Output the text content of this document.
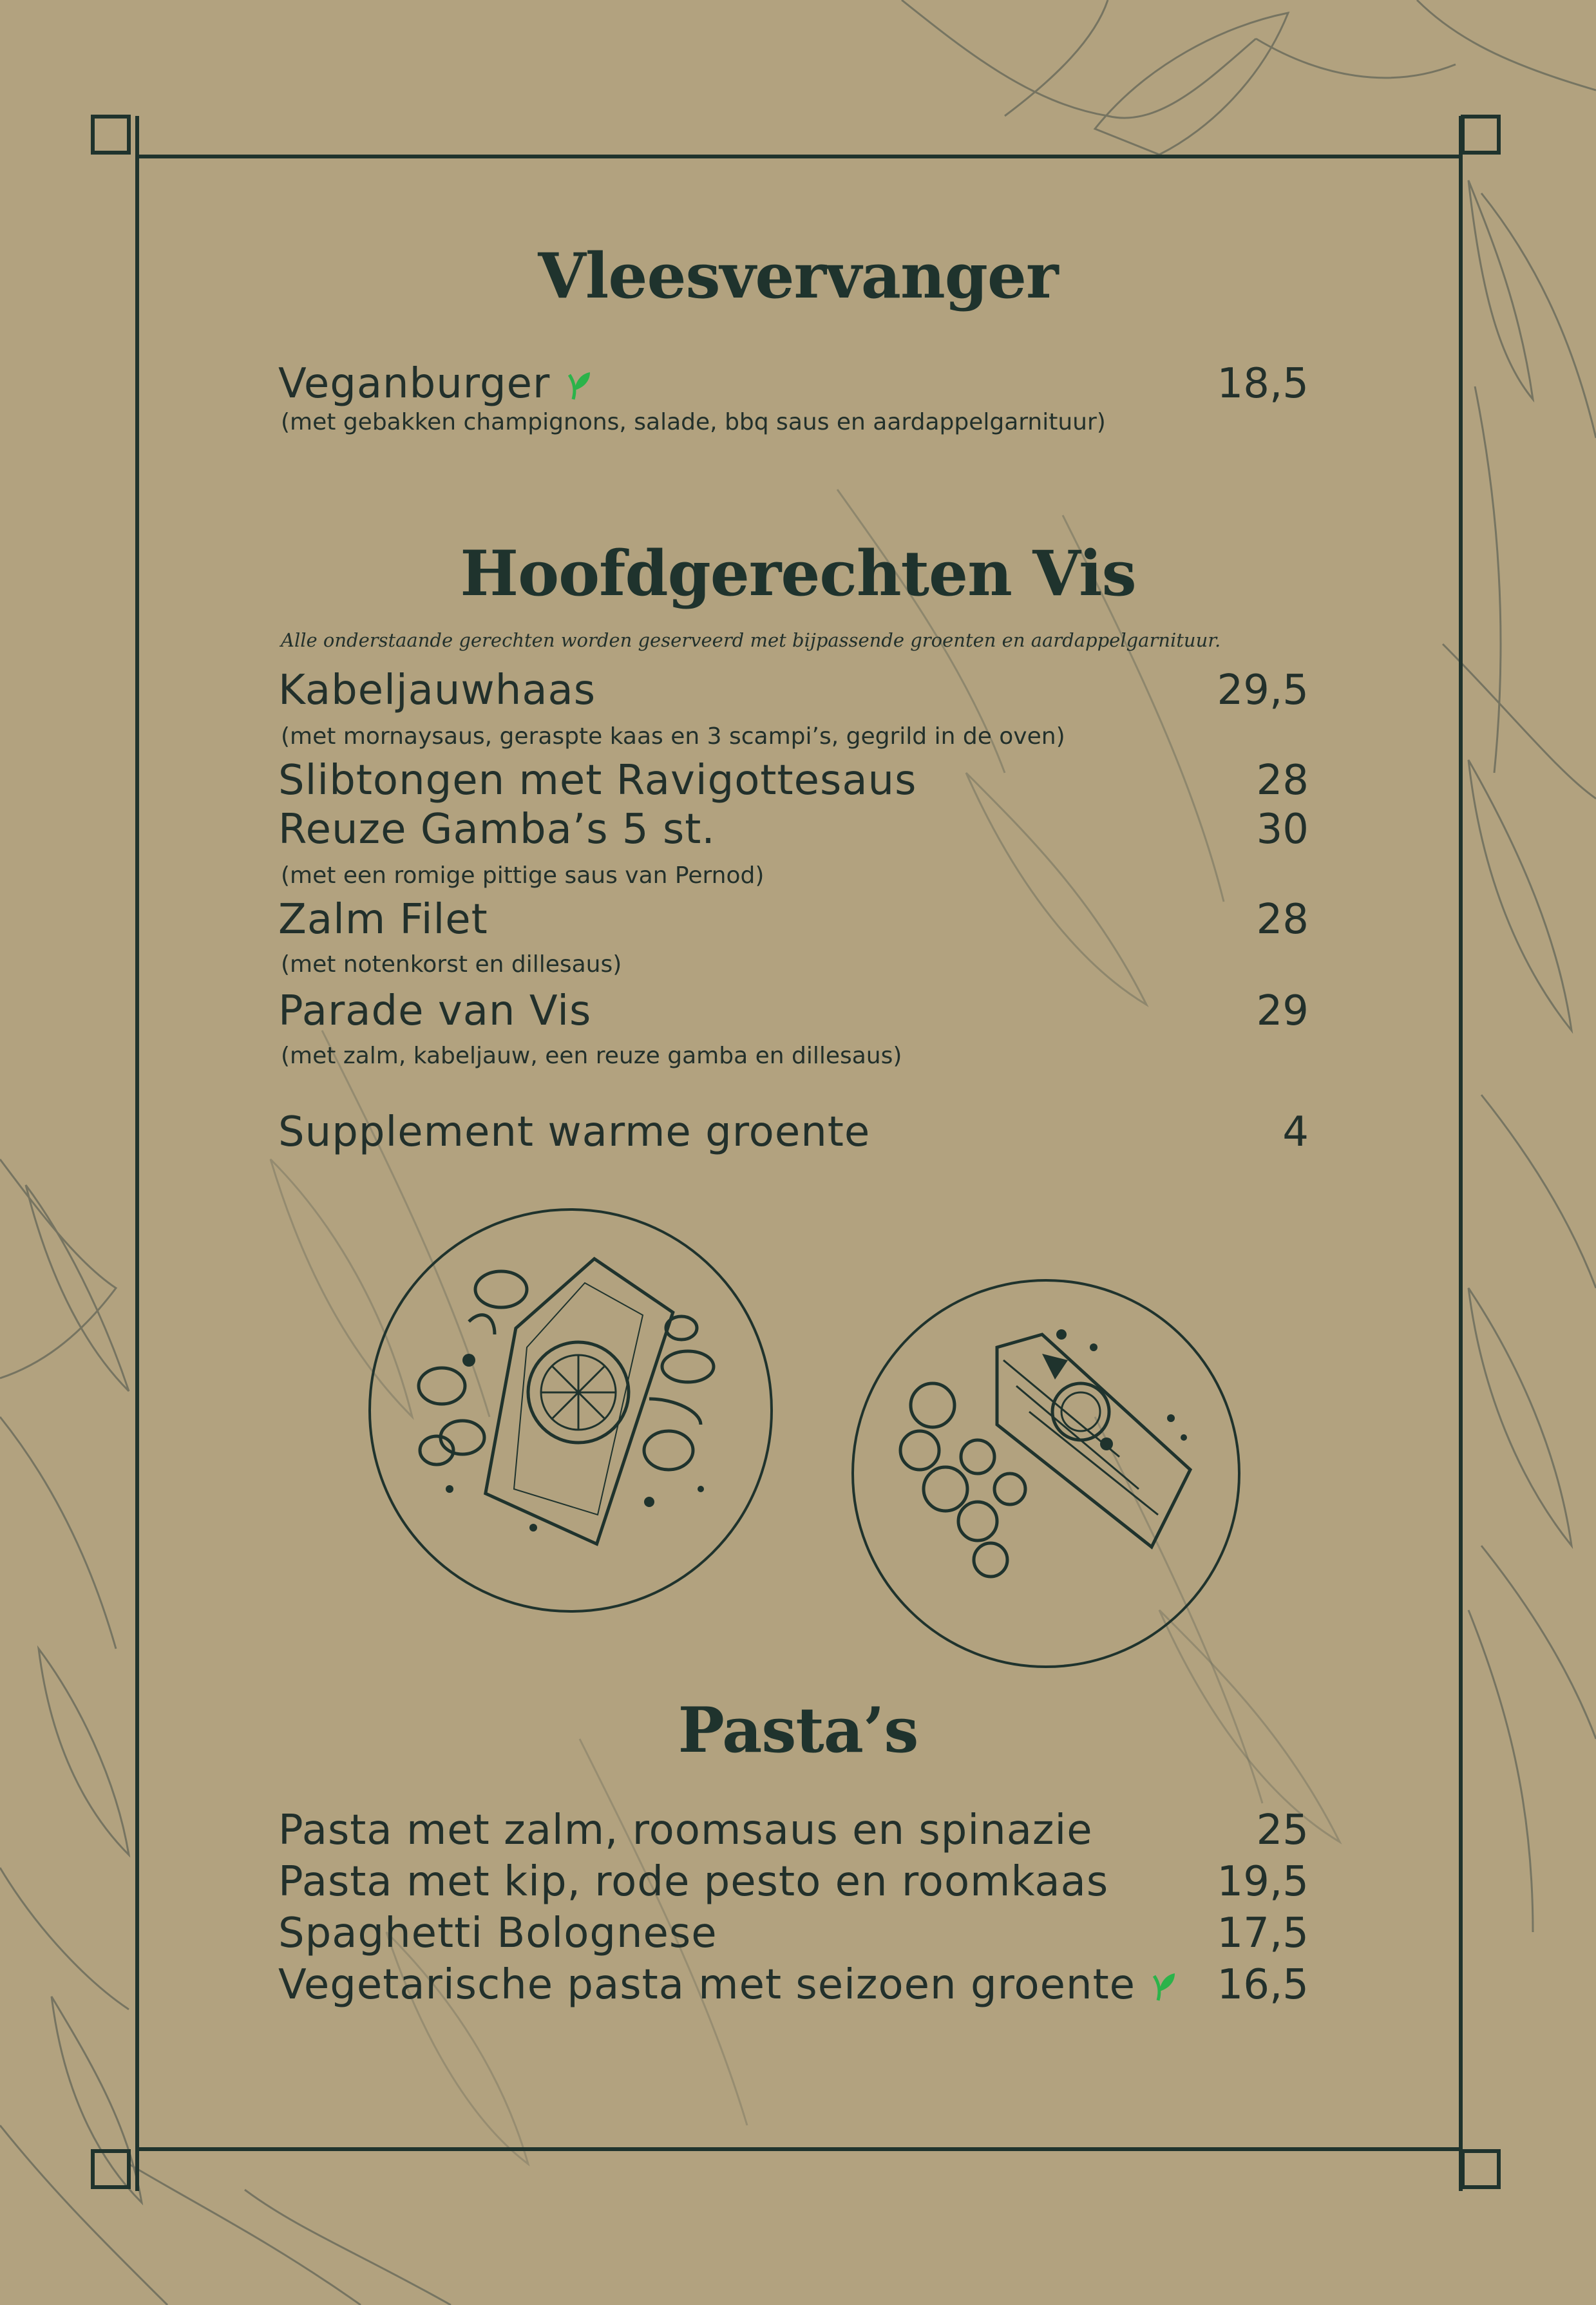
Vleesvervanger
Veganburger	18,5
(met gebakken champignons, salade, bbq saus en aardappelgarnituur)
Hoofdgerechten Vis
Alle onderstaande gerechten worden geserveerd met bijpassende groenten en aardappelgarnituur.
Kabeljauwhaas	29,5
(met mornaysaus, geraspte kaas en 3 scampi’s, gegrild in de oven)
Slibtongen met Ravigottesaus	28
Reuze Gamba’s 5 st.	30
(met een romige pittige saus van Pernod)
Zalm Filet	28
(met notenkorst en dillesaus)
Parade van Vis	29
(met zalm, kabeljauw, een reuze gamba en dillesaus)
Supplement warme groente	4
Pasta’s
Pasta met zalm, roomsaus en spinazie	25
Pasta met kip, rode pesto en roomkaas	19,5
Spaghetti Bolognese	17,5
Vegetarische pasta met seizoen groente	16,5
